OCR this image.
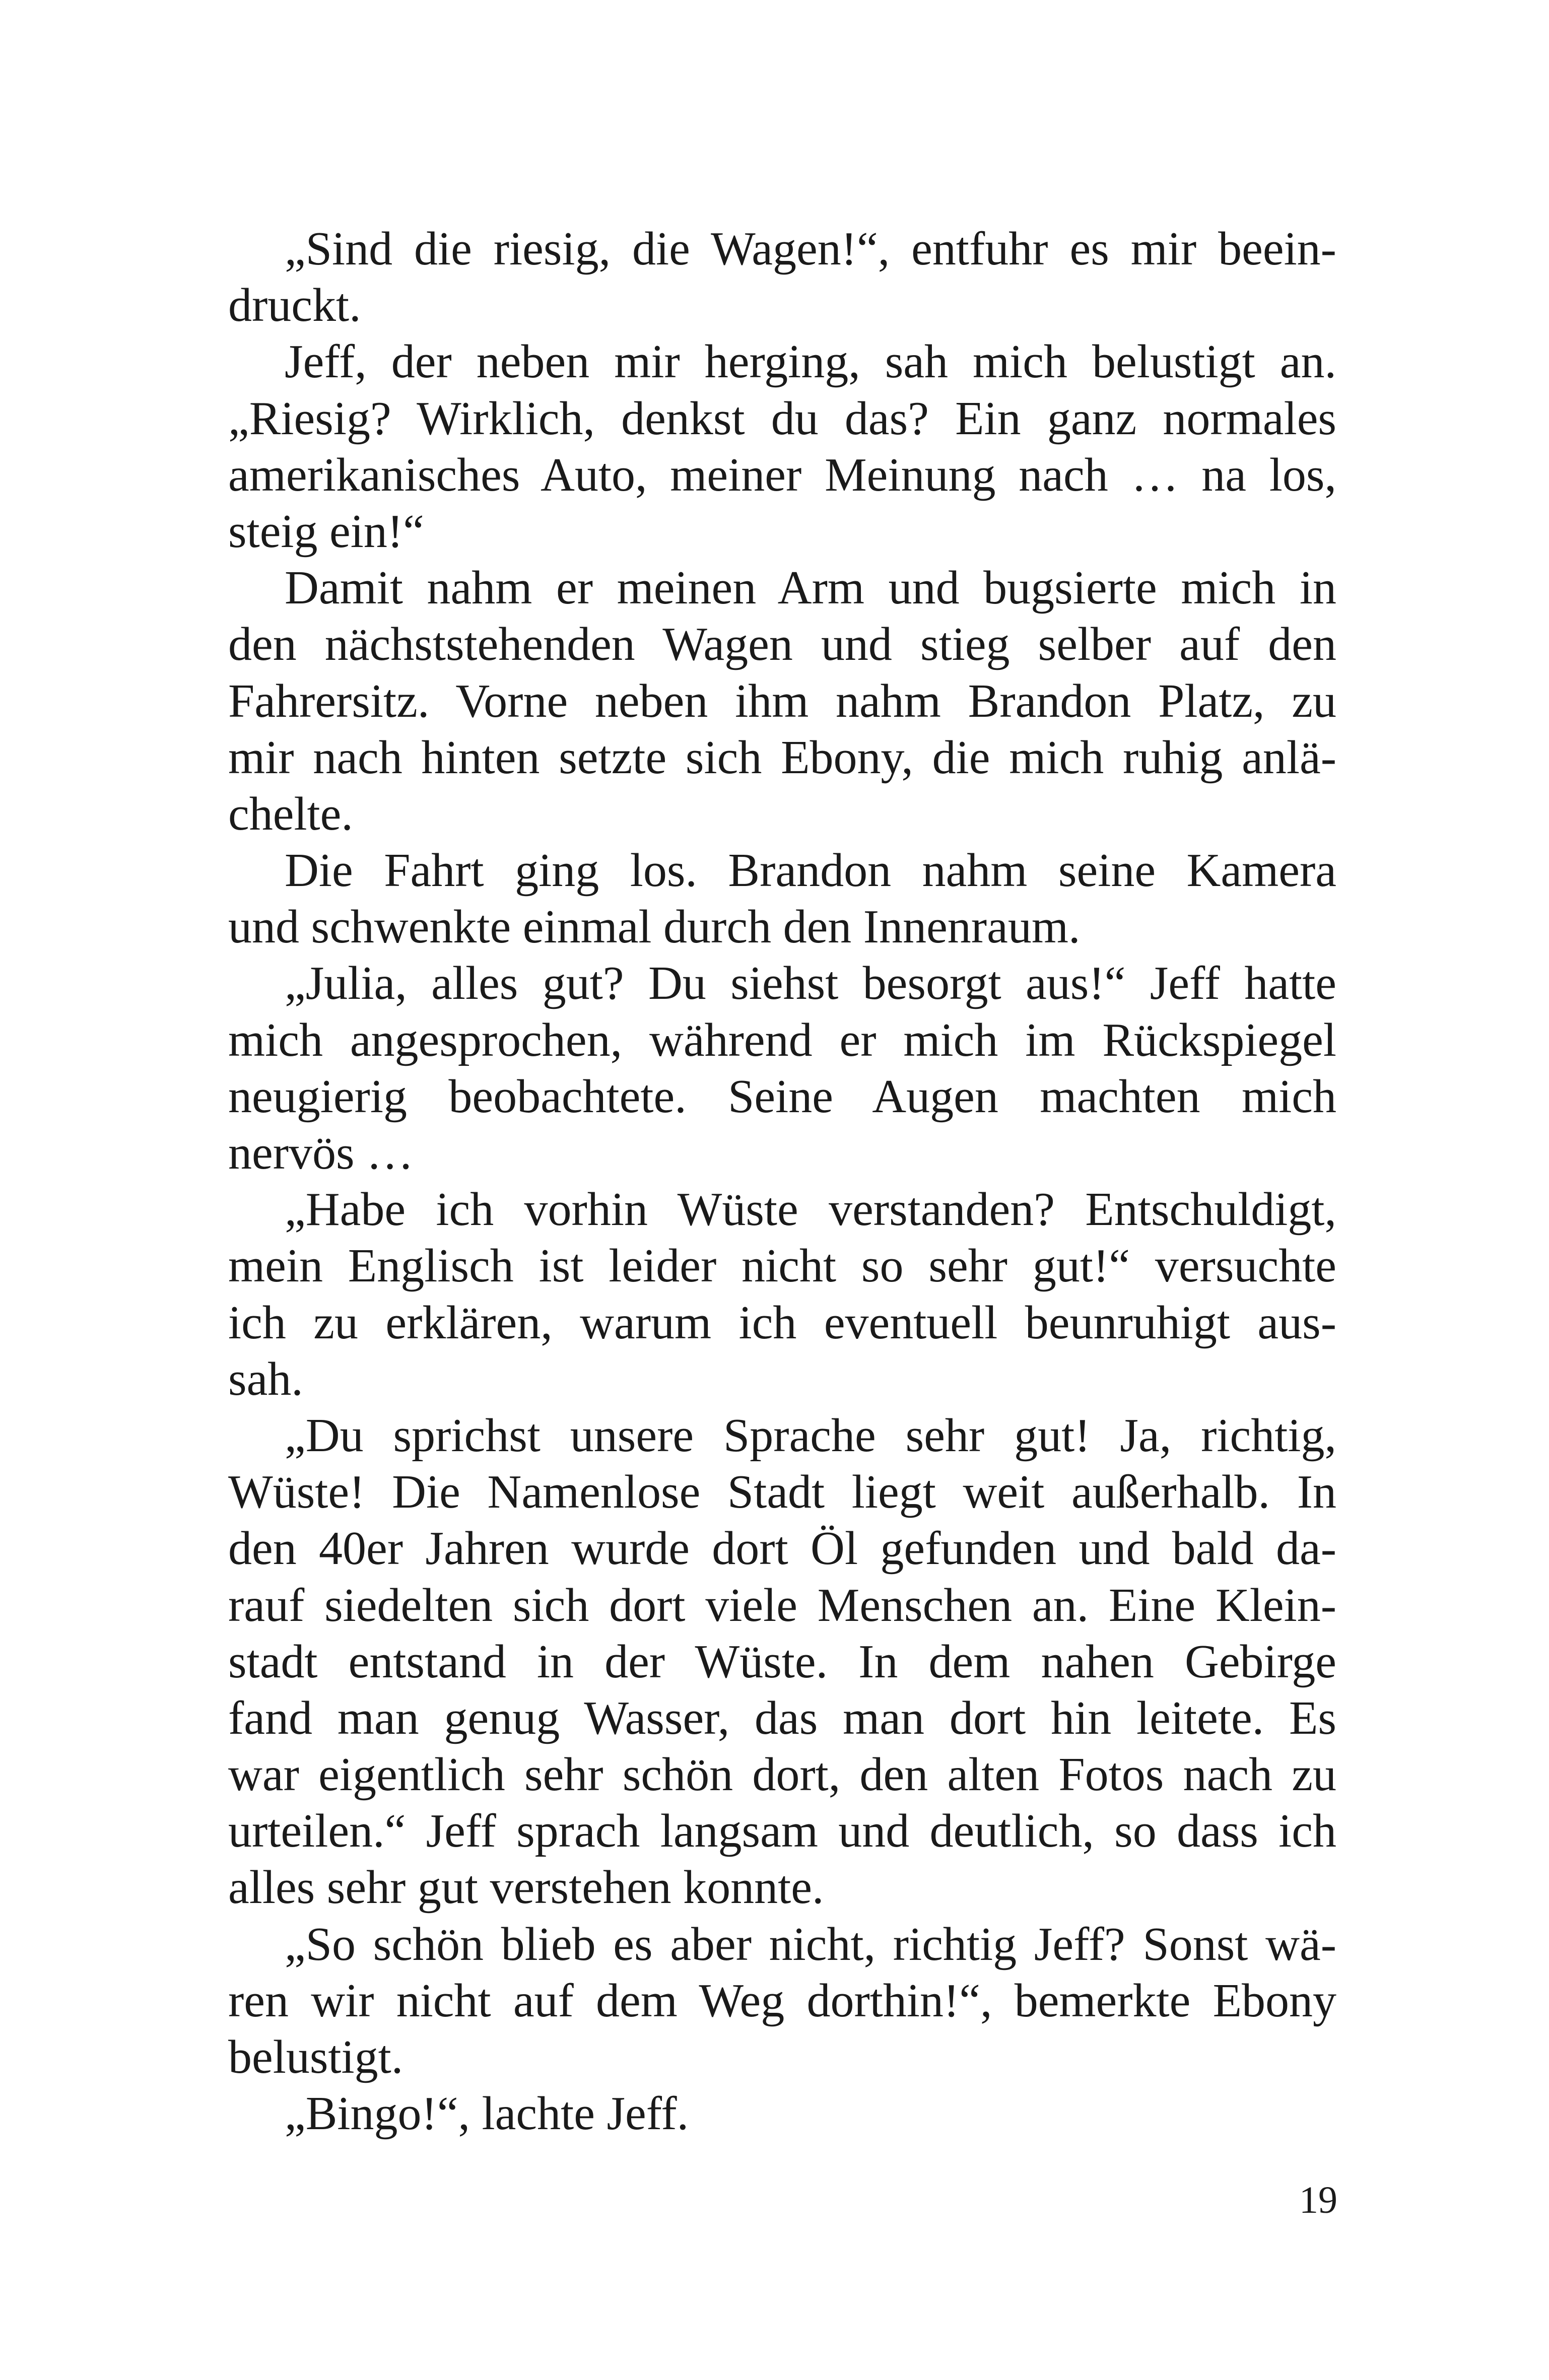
„Sind die riesig, die Wagen!“, entfuhr es mir beein-
druckt.
Jeff, der neben mir herging, sah mich belustigt an.
„Riesig? Wirklich, denkst du das? Ein ganz normales
amerikanisches Auto, meiner Meinung nach … na los,
steig ein!“
Damit nahm er meinen Arm und bugsierte mich in
den nächststehenden Wagen und stieg selber auf den
Fahrersitz. Vorne neben ihm nahm Brandon Platz, zu
mir nach hinten setzte sich Ebony, die mich ruhig anlä-
chelte.
Die Fahrt ging los. Brandon nahm seine Kamera
und schwenkte einmal durch den Innenraum.
„Julia, alles gut? Du siehst besorgt aus!“ Jeff hatte
mich angesprochen, während er mich im Rückspiegel
neugierig beobachtete. Seine Augen machten mich
nervös …
„Habe ich vorhin Wüste verstanden? Entschuldigt,
mein Englisch ist leider nicht so sehr gut!“ versuchte
ich zu erklären, warum ich eventuell beunruhigt aus-
sah.
„Du sprichst unsere Sprache sehr gut! Ja, richtig,
Wüste! Die Namenlose Stadt liegt weit außerhalb. In
den 40er Jahren wurde dort Öl gefunden und bald da-
rauf siedelten sich dort viele Menschen an. Eine Klein-
stadt entstand in der Wüste. In dem nahen Gebirge
fand man genug Wasser, das man dort hin leitete. Es
war eigentlich sehr schön dort, den alten Fotos nach zu
urteilen.“ Jeff sprach langsam und deutlich, so dass ich
alles sehr gut verstehen konnte.
„So schön blieb es aber nicht, richtig Jeff? Sonst wä-
ren wir nicht auf dem Weg dorthin!“, bemerkte Ebony
belustigt.
„Bingo!“, lachte Jeff.
19
